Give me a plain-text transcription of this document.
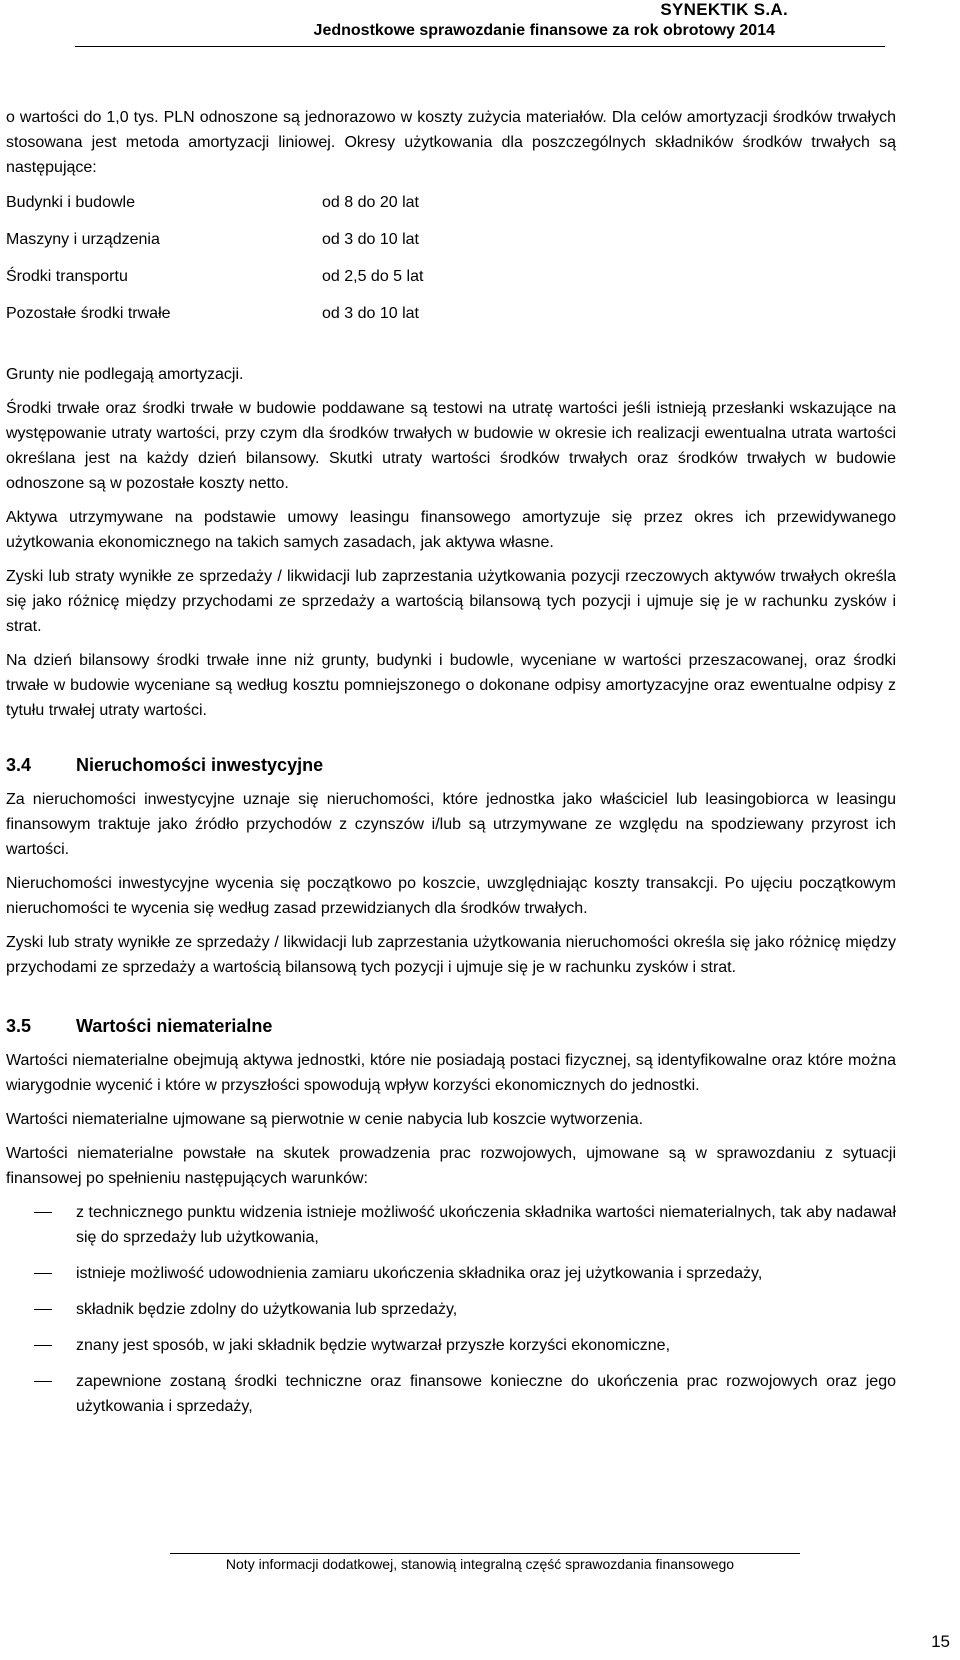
SYNEKTIK S.A.
Jednostkowe sprawozdanie finansowe za rok obrotowy 2014

o wartości do 1,0 tys. PLN odnoszone są jednorazowo w koszty zużycia materiałów. Dla celów amortyzacji środków trwałych stosowana jest metoda amortyzacji liniowej. Okresy użytkowania dla poszczególnych składników środków trwałych są następujące:

Budynki i budowle	od 8 do 20 lat
Maszyny i urządzenia	od 3 do 10 lat
Środki transportu	od 2,5 do 5 lat
Pozostałe środki trwałe	od 3 do 10 lat

Grunty nie podlegają amortyzacji.

Środki trwałe oraz środki trwałe w budowie poddawane są testowi na utratę wartości jeśli istnieją przesłanki wskazujące na występowanie utraty wartości, przy czym dla środków trwałych w budowie w okresie ich realizacji ewentualna utrata wartości określana jest na każdy dzień bilansowy. Skutki utraty wartości środków trwałych oraz środków trwałych w budowie odnoszone są w pozostałe koszty netto.

Aktywa utrzymywane na podstawie umowy leasingu finansowego amortyzuje się przez okres ich przewidywanego użytkowania ekonomicznego na takich samych zasadach, jak aktywa własne.

Zyski lub straty wynikłe ze sprzedaży / likwidacji lub zaprzestania użytkowania pozycji rzeczowych aktywów trwałych określa się jako różnicę między przychodami ze sprzedaży a wartością bilansową tych pozycji i ujmuje się je w rachunku zysków i strat.

Na dzień bilansowy środki trwałe inne niż grunty, budynki i budowle, wyceniane w wartości przeszacowanej, oraz środki trwałe w budowie wyceniane są według kosztu pomniejszonego o dokonane odpisy amortyzacyjne oraz ewentualne odpisy z tytułu trwałej utraty wartości.

3.4	Nieruchomości inwestycyjne

Za nieruchomości inwestycyjne uznaje się nieruchomości, które jednostka jako właściciel lub leasingobiorca w leasingu finansowym traktuje jako źródło przychodów z czynszów i/lub są utrzymywane ze względu na spodziewany przyrost ich wartości.

Nieruchomości inwestycyjne wycenia się początkowo po koszcie, uwzględniając koszty transakcji. Po ujęciu początkowym nieruchomości te wycenia się według zasad przewidzianych dla środków trwałych.

Zyski lub straty wynikłe ze sprzedaży / likwidacji lub zaprzestania użytkowania nieruchomości określa się jako różnicę między przychodami ze sprzedaży a wartością bilansową tych pozycji i ujmuje się je w rachunku zysków i strat.

3.5	Wartości niematerialne

Wartości niematerialne obejmują aktywa jednostki, które nie posiadają postaci fizycznej, są identyfikowalne oraz które można wiarygodnie wycenić i które w przyszłości spowodują wpływ korzyści ekonomicznych do jednostki.

Wartości niematerialne ujmowane są pierwotnie w cenie nabycia lub koszcie wytworzenia.

Wartości niematerialne powstałe na skutek prowadzenia prac rozwojowych, ujmowane są w sprawozdaniu z sytuacji finansowej po spełnieniu następujących warunków:

z technicznego punktu widzenia istnieje możliwość ukończenia składnika wartości niematerialnych, tak aby nadawał się do sprzedaży lub użytkowania,
istnieje możliwość udowodnienia zamiaru ukończenia składnika oraz jej użytkowania i sprzedaży,
składnik będzie zdolny do użytkowania lub sprzedaży,
znany jest sposób, w jaki składnik będzie wytwarzał przyszłe korzyści ekonomiczne,
zapewnione zostaną środki techniczne oraz finansowe konieczne do ukończenia prac rozwojowych oraz jego użytkowania i sprzedaży,
Noty informacji dodatkowej, stanowią integralną część sprawozdania finansowego
15
